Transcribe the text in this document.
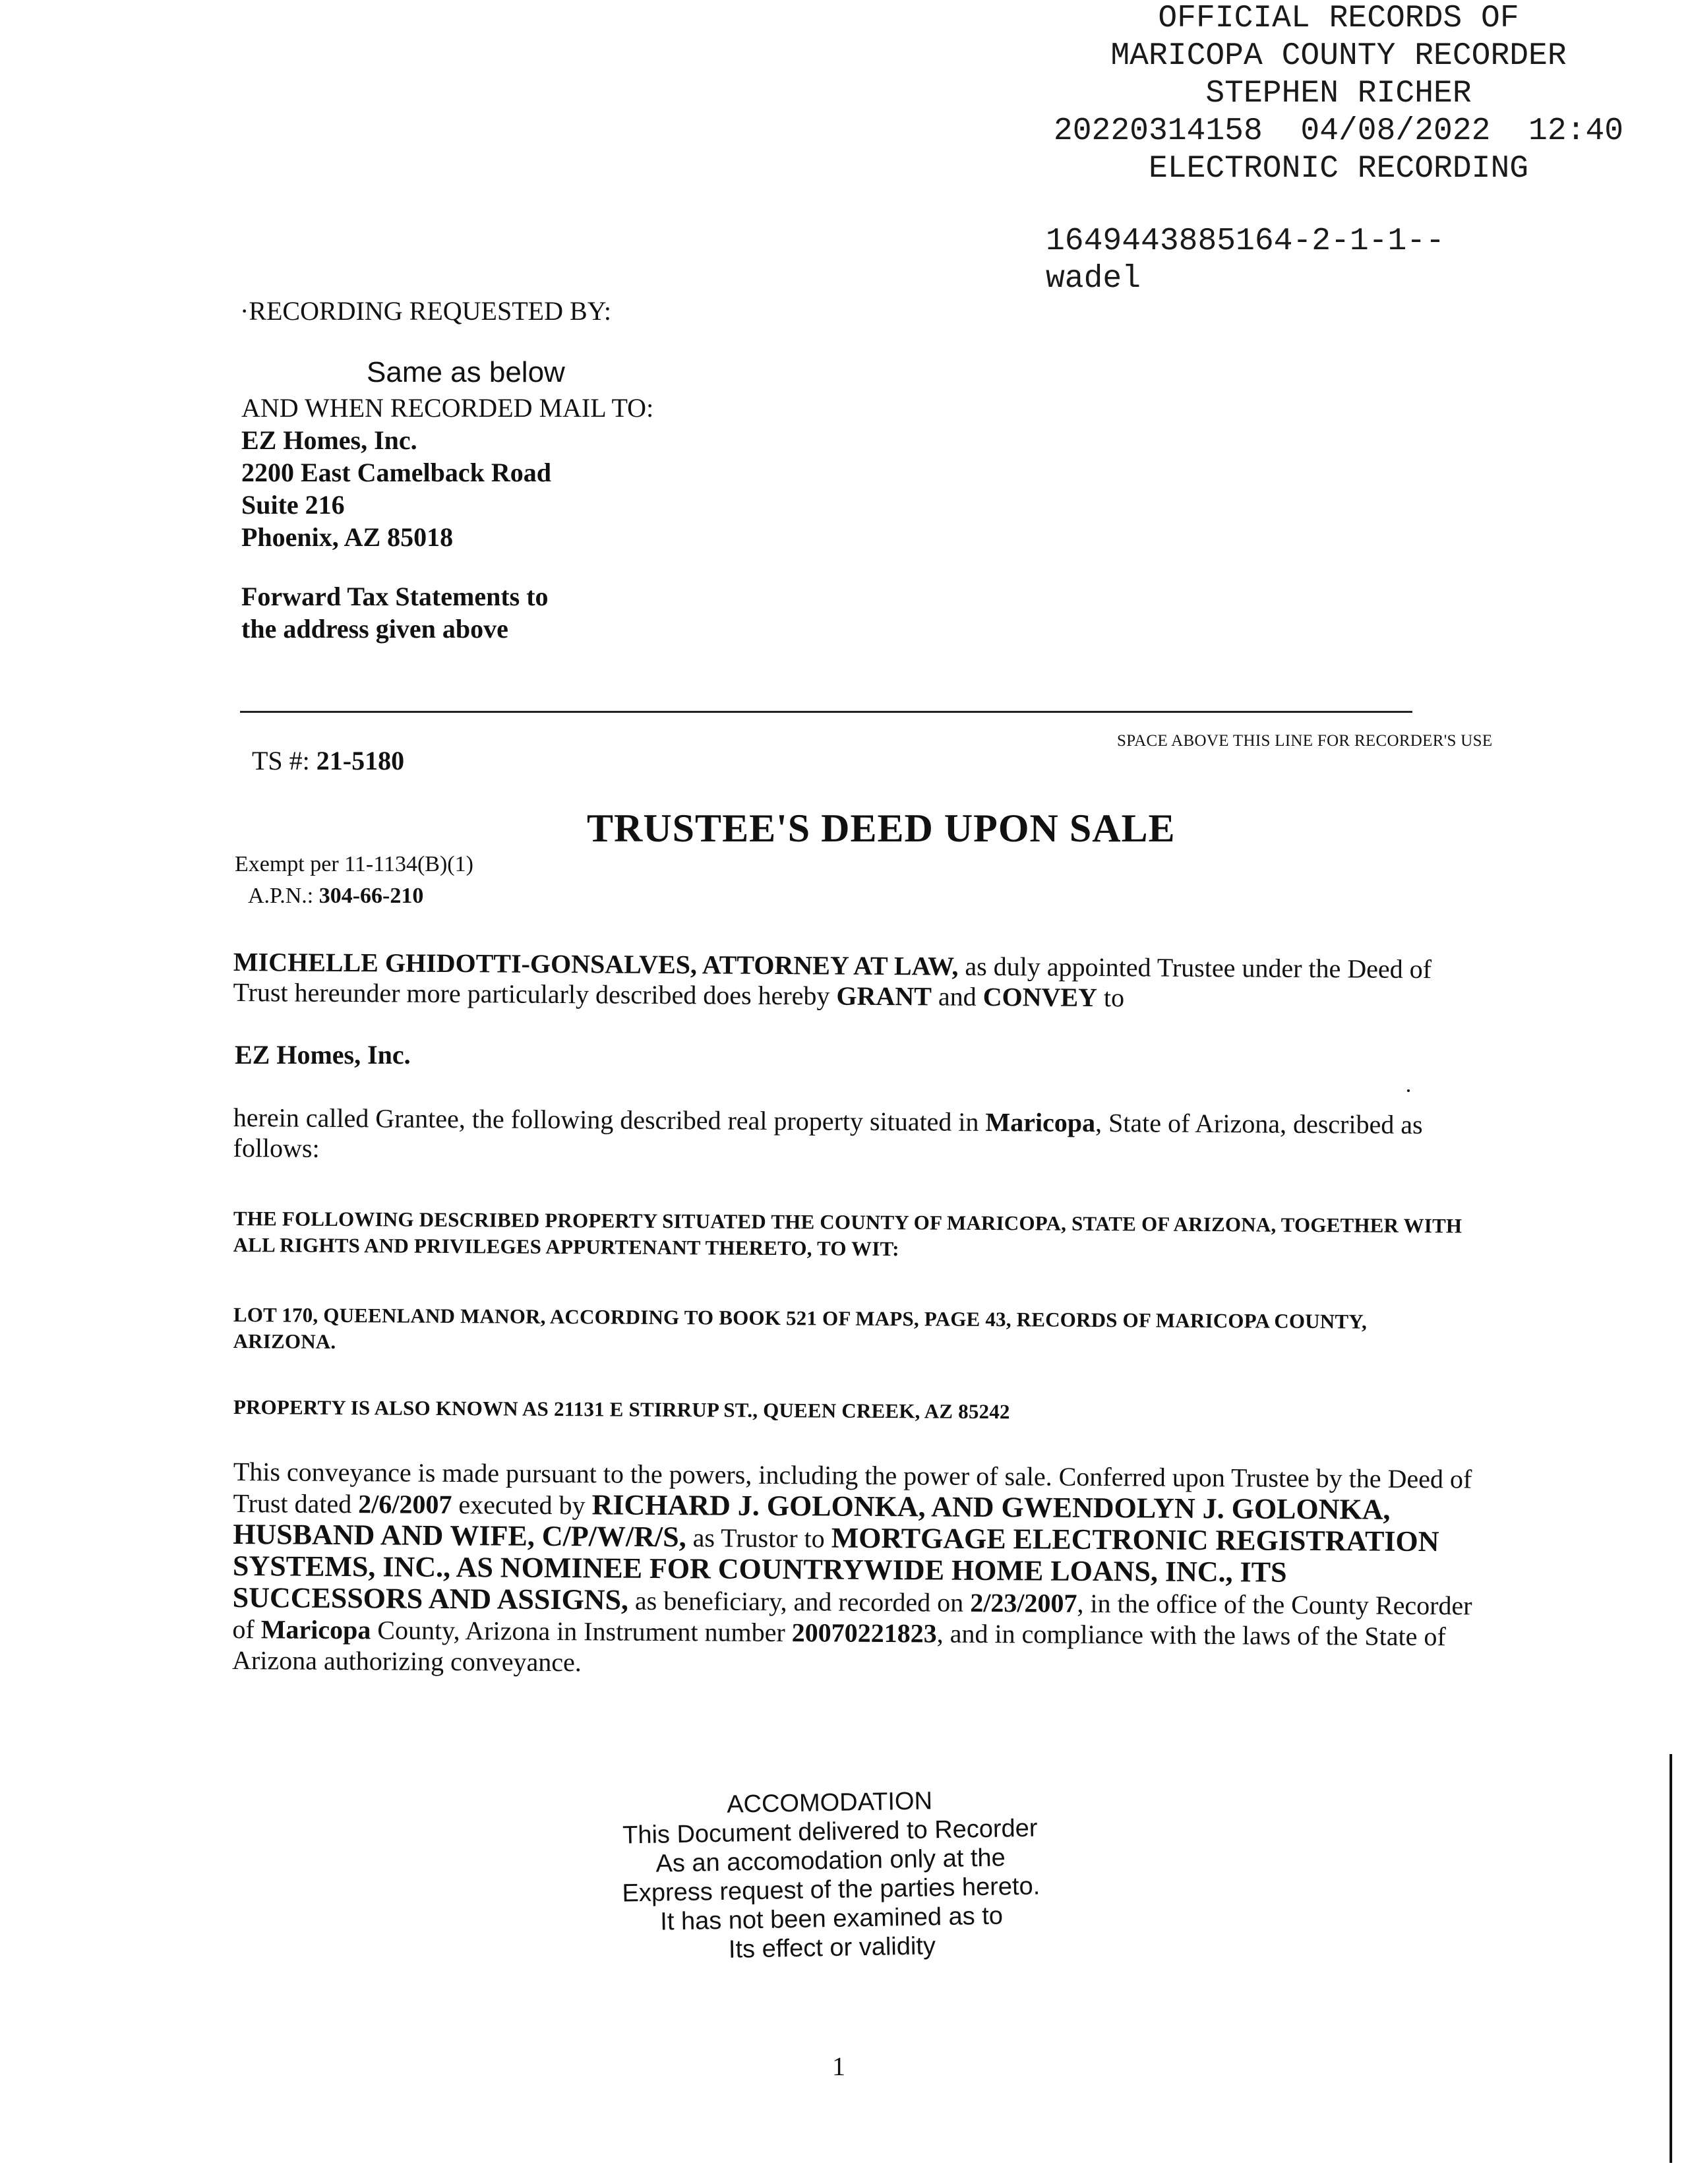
OFFICIAL RECORDS OF
MARICOPA COUNTY RECORDER
STEPHEN RICHER
20220314158  04/08/2022  12:40
ELECTRONIC RECORDING
1649443885164-2-1-1--
wadel
·RECORDING REQUESTED BY:
Same as below
AND WHEN RECORDED MAIL TO:
EZ Homes, Inc.
2200 East Camelback Road
Suite 216
Phoenix, AZ 85018
Forward Tax Statements to
the address given above
SPACE ABOVE THIS LINE FOR RECORDER'S USE
TS #: 21-5180
TRUSTEE'S DEED UPON SALE
Exempt per 11-1134(B)(1)
A.P.N.: 304-66-210
MICHELLE GHIDOTTI-GONSALVES, ATTORNEY AT LAW, as duly appointed Trustee under the Deed of Trust hereunder more particularly described does hereby GRANT and CONVEY to
EZ Homes, Inc.
herein called Grantee, the following described real property situated in Maricopa, State of Arizona, described as follows:
THE FOLLOWING DESCRIBED PROPERTY SITUATED THE COUNTY OF MARICOPA, STATE OF ARIZONA, TOGETHER WITH ALL RIGHTS AND PRIVILEGES APPURTENANT THERETO, TO WIT:
LOT 170, QUEENLAND MANOR, ACCORDING TO BOOK 521 OF MAPS, PAGE 43, RECORDS OF MARICOPA COUNTY, ARIZONA.
PROPERTY IS ALSO KNOWN AS 21131 E STIRRUP ST., QUEEN CREEK, AZ 85242
This conveyance is made pursuant to the powers, including the power of sale. Conferred upon Trustee by the Deed of Trust dated 2/6/2007 executed by RICHARD J. GOLONKA, AND GWENDOLYN J. GOLONKA, HUSBAND AND WIFE, C/P/W/R/S, as Trustor to MORTGAGE ELECTRONIC REGISTRATION SYSTEMS, INC., AS NOMINEE FOR COUNTRYWIDE HOME LOANS, INC., ITS SUCCESSORS AND ASSIGNS, as beneficiary, and recorded on 2/23/2007, in the office of the County Recorder of Maricopa County, Arizona in Instrument number 20070221823, and in compliance with the laws of the State of Arizona authorizing conveyance.
ACCOMODATION
This Document delivered to Recorder
As an accomodation only at the
Express request of the parties hereto.
It has not been examined as to
Its effect or validity
1
